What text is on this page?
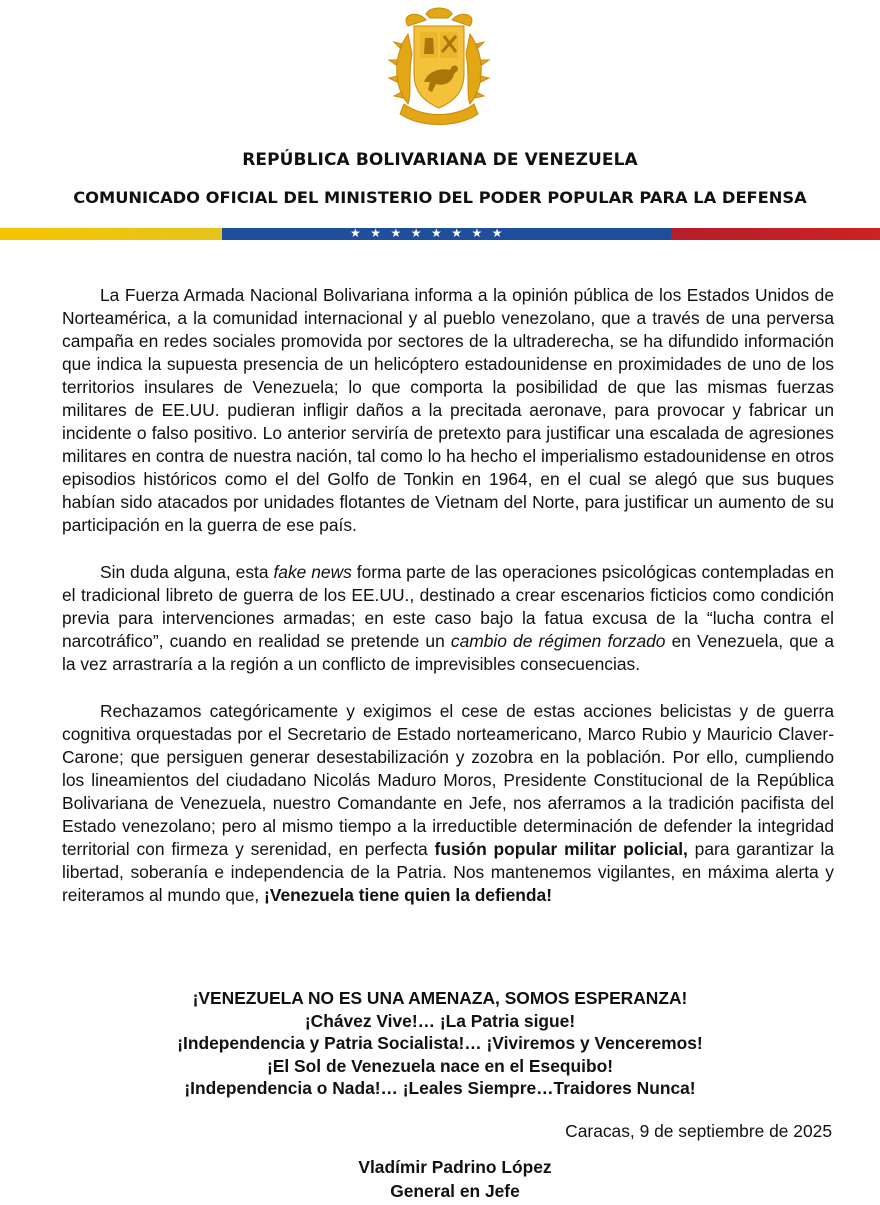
REPÚBLICA BOLIVARIANA DE VENEZUELA
COMUNICADO OFICIAL DEL MINISTERIO DEL PODER POPULAR PARA LA DEFENSA
★★★★★★★★

La Fuerza Armada Nacional Bolivariana informa a la opinión pública de los Estados Unidos de Norteamérica, a la comunidad internacional y al pueblo venezolano, que a través de una perversa campaña en redes sociales promovida por sectores de la ultraderecha, se ha difundido información que indica la supuesta presencia de un helicóptero estadounidense en proximidades de uno de los territorios insulares de Venezuela; lo que comporta la posibilidad de que las mismas fuerzas militares de EE.UU. pudieran infligir daños a la precitada aeronave, para provocar y fabricar un incidente o falso positivo. Lo anterior serviría de pretexto para justificar una escalada de agresiones militares en contra de nuestra nación, tal como lo ha hecho el imperialismo estadounidense en otros episodios históricos como el del Golfo de Tonkin en 1964, en el cual se alegó que sus buques habían sido atacados por unidades flotantes de Vietnam del Norte, para justificar un aumento de su participación en la guerra de ese país.

Sin duda alguna, esta fake news forma parte de las operaciones psicológicas contempladas en el tradicional libreto de guerra de los EE.UU., destinado a crear escenarios ficticios como condición previa para intervenciones armadas; en este caso bajo la fatua excusa de la “lucha contra el narcotráfico”, cuando en realidad se pretende un cambio de régimen forzado en Venezuela, que a la vez arrastraría a la región a un conflicto de imprevisibles consecuencias.

Rechazamos categóricamente y exigimos el cese de estas acciones belicistas y de guerra cognitiva orquestadas por el Secretario de Estado norteamericano, Marco Rubio y Mauricio Claver-Carone; que persiguen generar desestabilización y zozobra en la población. Por ello, cumpliendo los lineamientos del ciudadano Nicolás Maduro Moros, Presidente Constitucional de la República Bolivariana de Venezuela, nuestro Comandante en Jefe, nos aferramos a la tradición pacifista del Estado venezolano; pero al mismo tiempo a la irreductible determinación de defender la integridad territorial con firmeza y serenidad, en perfecta fusión popular militar policial, para garantizar la libertad, soberanía e independencia de la Patria. Nos mantenemos vigilantes, en máxima alerta y reiteramos al mundo que, ¡Venezuela tiene quien la defienda!

¡VENEZUELA NO ES UNA AMENAZA, SOMOS ESPERANZA!
¡Chávez Vive!… ¡La Patria sigue!
¡Independencia y Patria Socialista!… ¡Viviremos y Venceremos!
¡El Sol de Venezuela nace en el Esequibo!
¡Independencia o Nada!… ¡Leales Siempre…Traidores Nunca!
Caracas, 9 de septiembre de 2025
Vladímir Padrino López
General en Jefe
